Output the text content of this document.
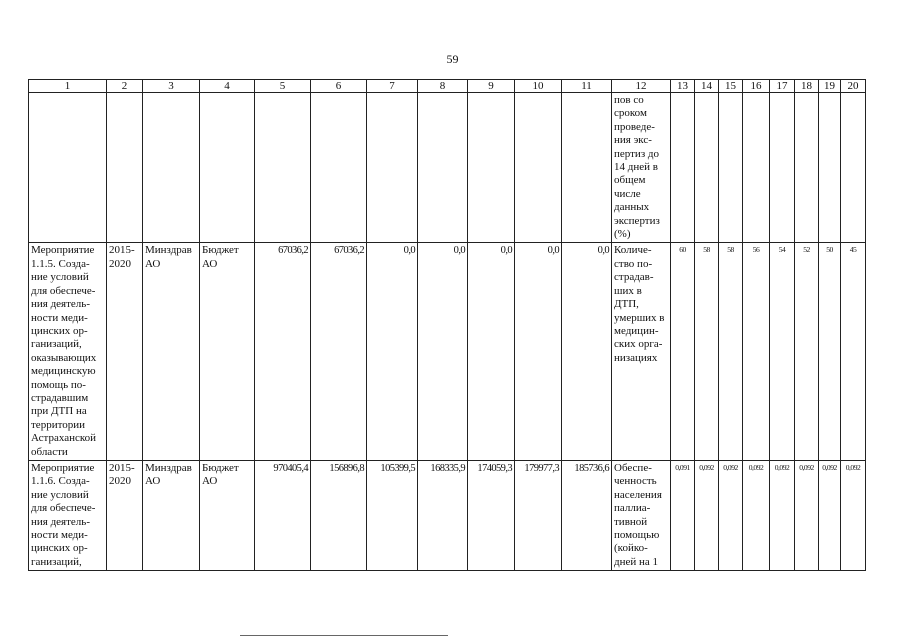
59
1	2	3	4	5	6	7	8	9	10	11	12	13	14	15	16	17	18	19	20
											пов со сроком проведе-ния экс-пертиз до 14 дней в общем числе данных экспертиз (%)								
Мероприятие 1.1.5. Созда-ние условий для обеспече-ния деятель-ности меди-цинских ор-ганизаций, оказывающих медицинскую помощь по-страдавшим при ДТП на территории Астраханской области	2015-2020	Минздрав АО	Бюджет АО	67036,2	67036,2	0,0	0,0	0,0	0,0	0,0	Количе-ство по-страдав-ших в ДТП, умерших в медицин-ских орга-низациях	60	58	58	56	54	52	50	45
Мероприятие 1.1.6. Созда-ние условий для обеспече-ния деятель-ности меди-цинских ор-ганизаций,	2015-2020	Минздрав АО	Бюджет АО	970405,4	156896,8	105399,5	168335,9	174059,3	179977,3	185736,6	Обеспе-ченность населения паллиа-тивной помощью (койко-дней на 1	0,091	0,092	0,092	0,092	0,092	0,092	0,092	0,092
